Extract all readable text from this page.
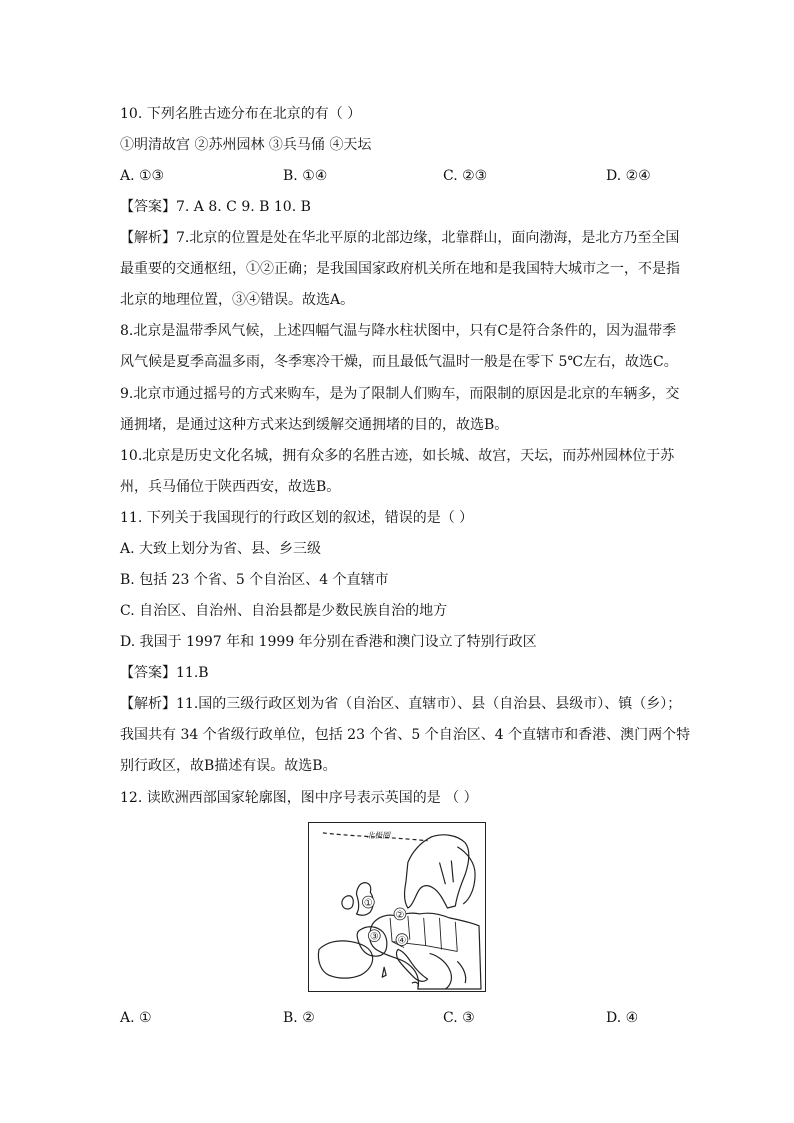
10. 下列名胜古迹分布在北京的有（ ）
①明清故宫 ②苏州园林 ③兵马俑 ④天坛
A. ①③	B. ①④	C. ②③	D. ②④
【答案】7. A 8. C 9. B 10. B
【解析】7.北京的位置是处在华北平原的北部边缘，北靠群山，面向渤海，是北方乃至全国
最重要的交通枢纽，①②正确；是我国国家政府机关所在地和是我国特大城市之一，不是指
北京的地理位置，③④错误。故选A。
8.北京是温带季风气候，上述四幅气温与降水柱状图中，只有C是符合条件的，因为温带季
风气候是夏季高温多雨，冬季寒冷干燥，而且最低气温时一般是在零下 5℃左右，故选C。
9.北京市通过摇号的方式来购车，是为了限制人们购车，而限制的原因是北京的车辆多，交
通拥堵，是通过这种方式来达到缓解交通拥堵的目的，故选B。
10.北京是历史文化名城，拥有众多的名胜古迹，如长城、故宫，天坛，而苏州园林位于苏
州，兵马俑位于陕西西安，故选B。
11. 下列关于我国现行的行政区划的叙述，错误的是（ ）
A. 大致上划分为省、县、乡三级
B. 包括 23 个省、5 个自治区、4 个直辖市
C. 自治区、自治州、自治县都是少数民族自治的地方
D. 我国于 1997 年和 1999 年分别在香港和澳门设立了特别行政区
【答案】11.B
【解析】11.国的三级行政区划为省（自治区、直辖市）、县（自治县、县级市）、镇（乡）；
我国共有 34 个省级行政单位，包括 23 个省、5 个自治区、4 个直辖市和香港、澳门两个特
别行政区，故B描述有误。故选B。
12. 读欧洲西部国家轮廓图，图中序号表示英国的是 （ ）
北极圈
①
②
③ ④
A. ①	B. ②	C. ③	D. ④
